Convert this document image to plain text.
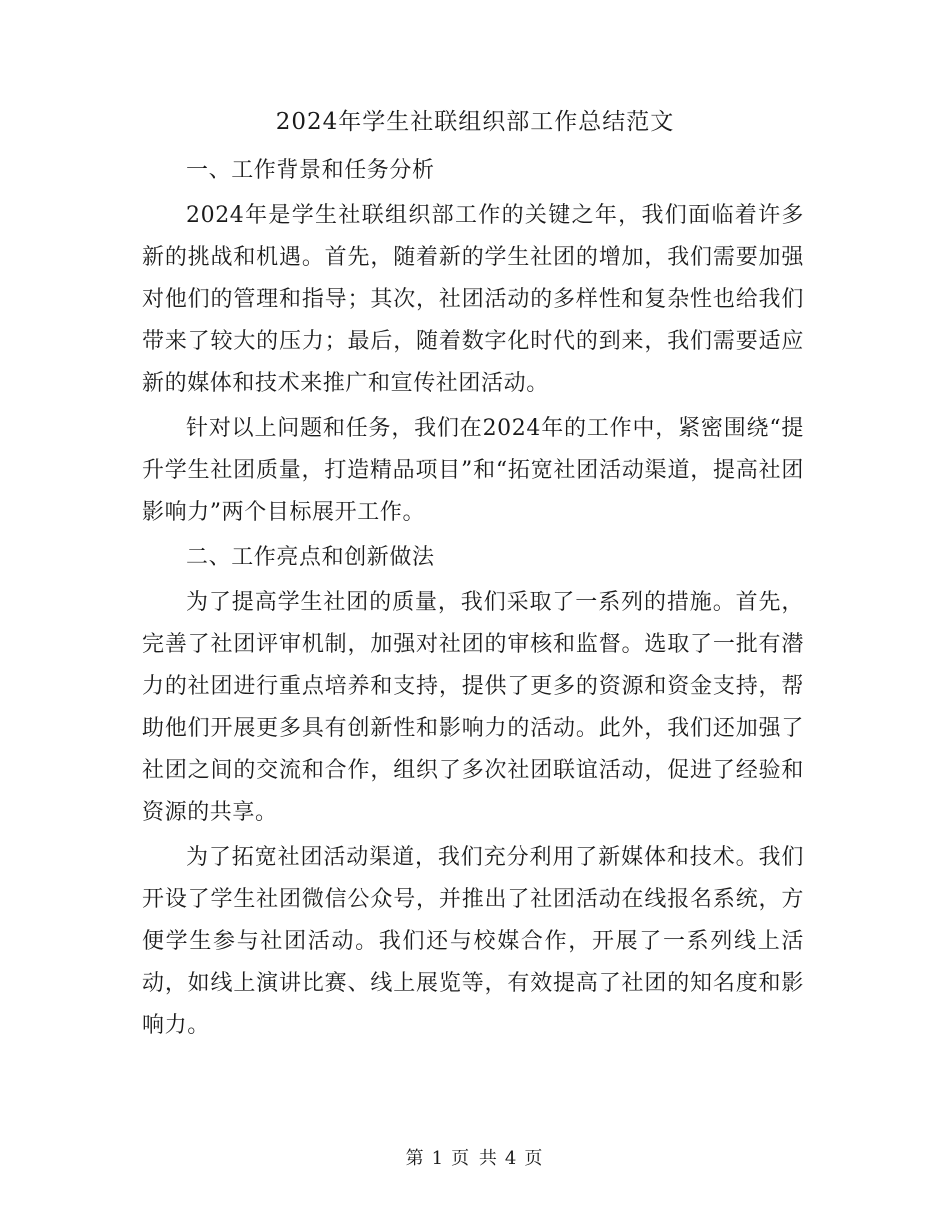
2024年学生社联组织部工作总结范文

一、工作背景和任务分析

2024年是学生社联组织部工作的关键之年，我们面临着许多新的挑战和机遇。首先，随着新的学生社团的增加，我们需要加强对他们的管理和指导；其次，社团活动的多样性和复杂性也给我们带来了较大的压力；最后，随着数字化时代的到来，我们需要适应新的媒体和技术来推广和宣传社团活动。

针对以上问题和任务，我们在2024年的工作中，紧密围绕“提升学生社团质量，打造精品项目”和“拓宽社团活动渠道，提高社团影响力”两个目标展开工作。

二、工作亮点和创新做法

为了提高学生社团的质量，我们采取了一系列的措施。首先，完善了社团评审机制，加强对社团的审核和监督。选取了一批有潜力的社团进行重点培养和支持，提供了更多的资源和资金支持，帮助他们开展更多具有创新性和影响力的活动。此外，我们还加强了社团之间的交流和合作，组织了多次社团联谊活动，促进了经验和资源的共享。

为了拓宽社团活动渠道，我们充分利用了新媒体和技术。我们开设了学生社团微信公众号，并推出了社团活动在线报名系统，方便学生参与社团活动。我们还与校媒合作，开展了一系列线上活动，如线上演讲比赛、线上展览等，有效提高了社团的知名度和影响力。

第 1 页 共 4 页
